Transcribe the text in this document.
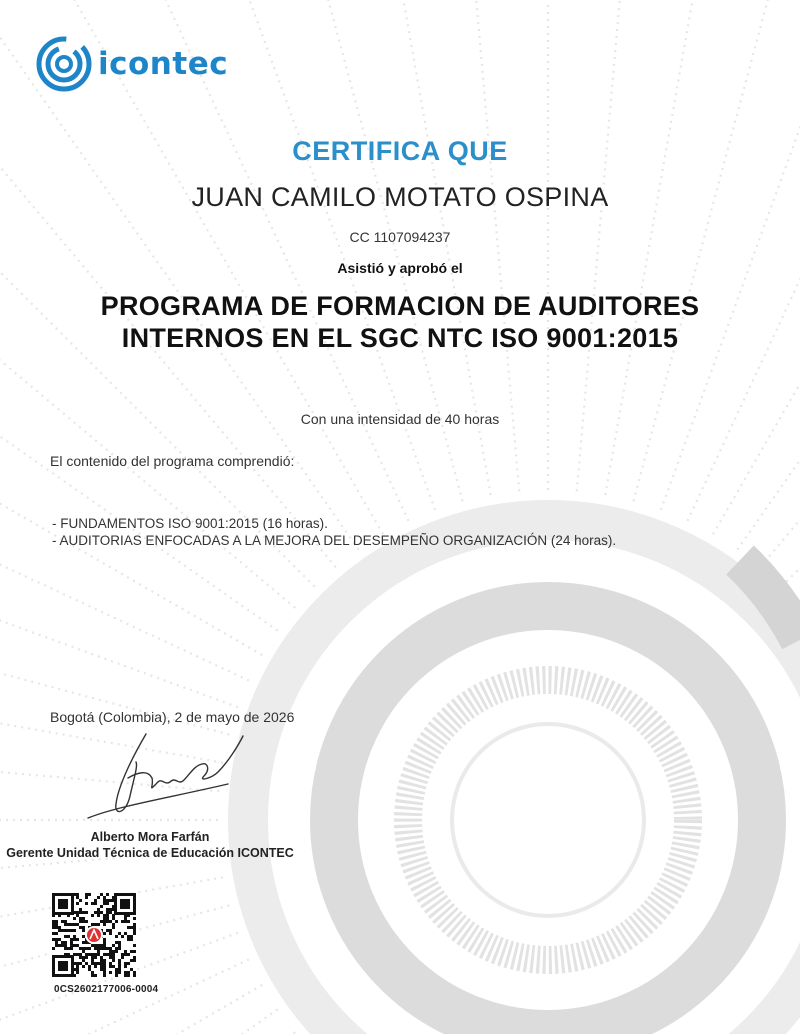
icontec
CERTIFICA QUE
JUAN CAMILO MOTATO OSPINA
CC 1107094237
Asistió y aprobó el
PROGRAMA DE FORMACION DE AUDITORES
INTERNOS EN EL SGC NTC ISO 9001:2015
Con una intensidad de 40 horas
El contenido del programa comprendió:
- FUNDAMENTOS ISO 9001:2015 (16 horas).
- AUDITORIAS ENFOCADAS A LA MEJORA DEL DESEMPEÑO ORGANIZACIÓN (24 horas).
Bogotá (Colombia), 2 de mayo de 2026
Alberto Mora Farfán
Gerente Unidad Técnica de Educación ICONTEC
0CS2602177006-0004
